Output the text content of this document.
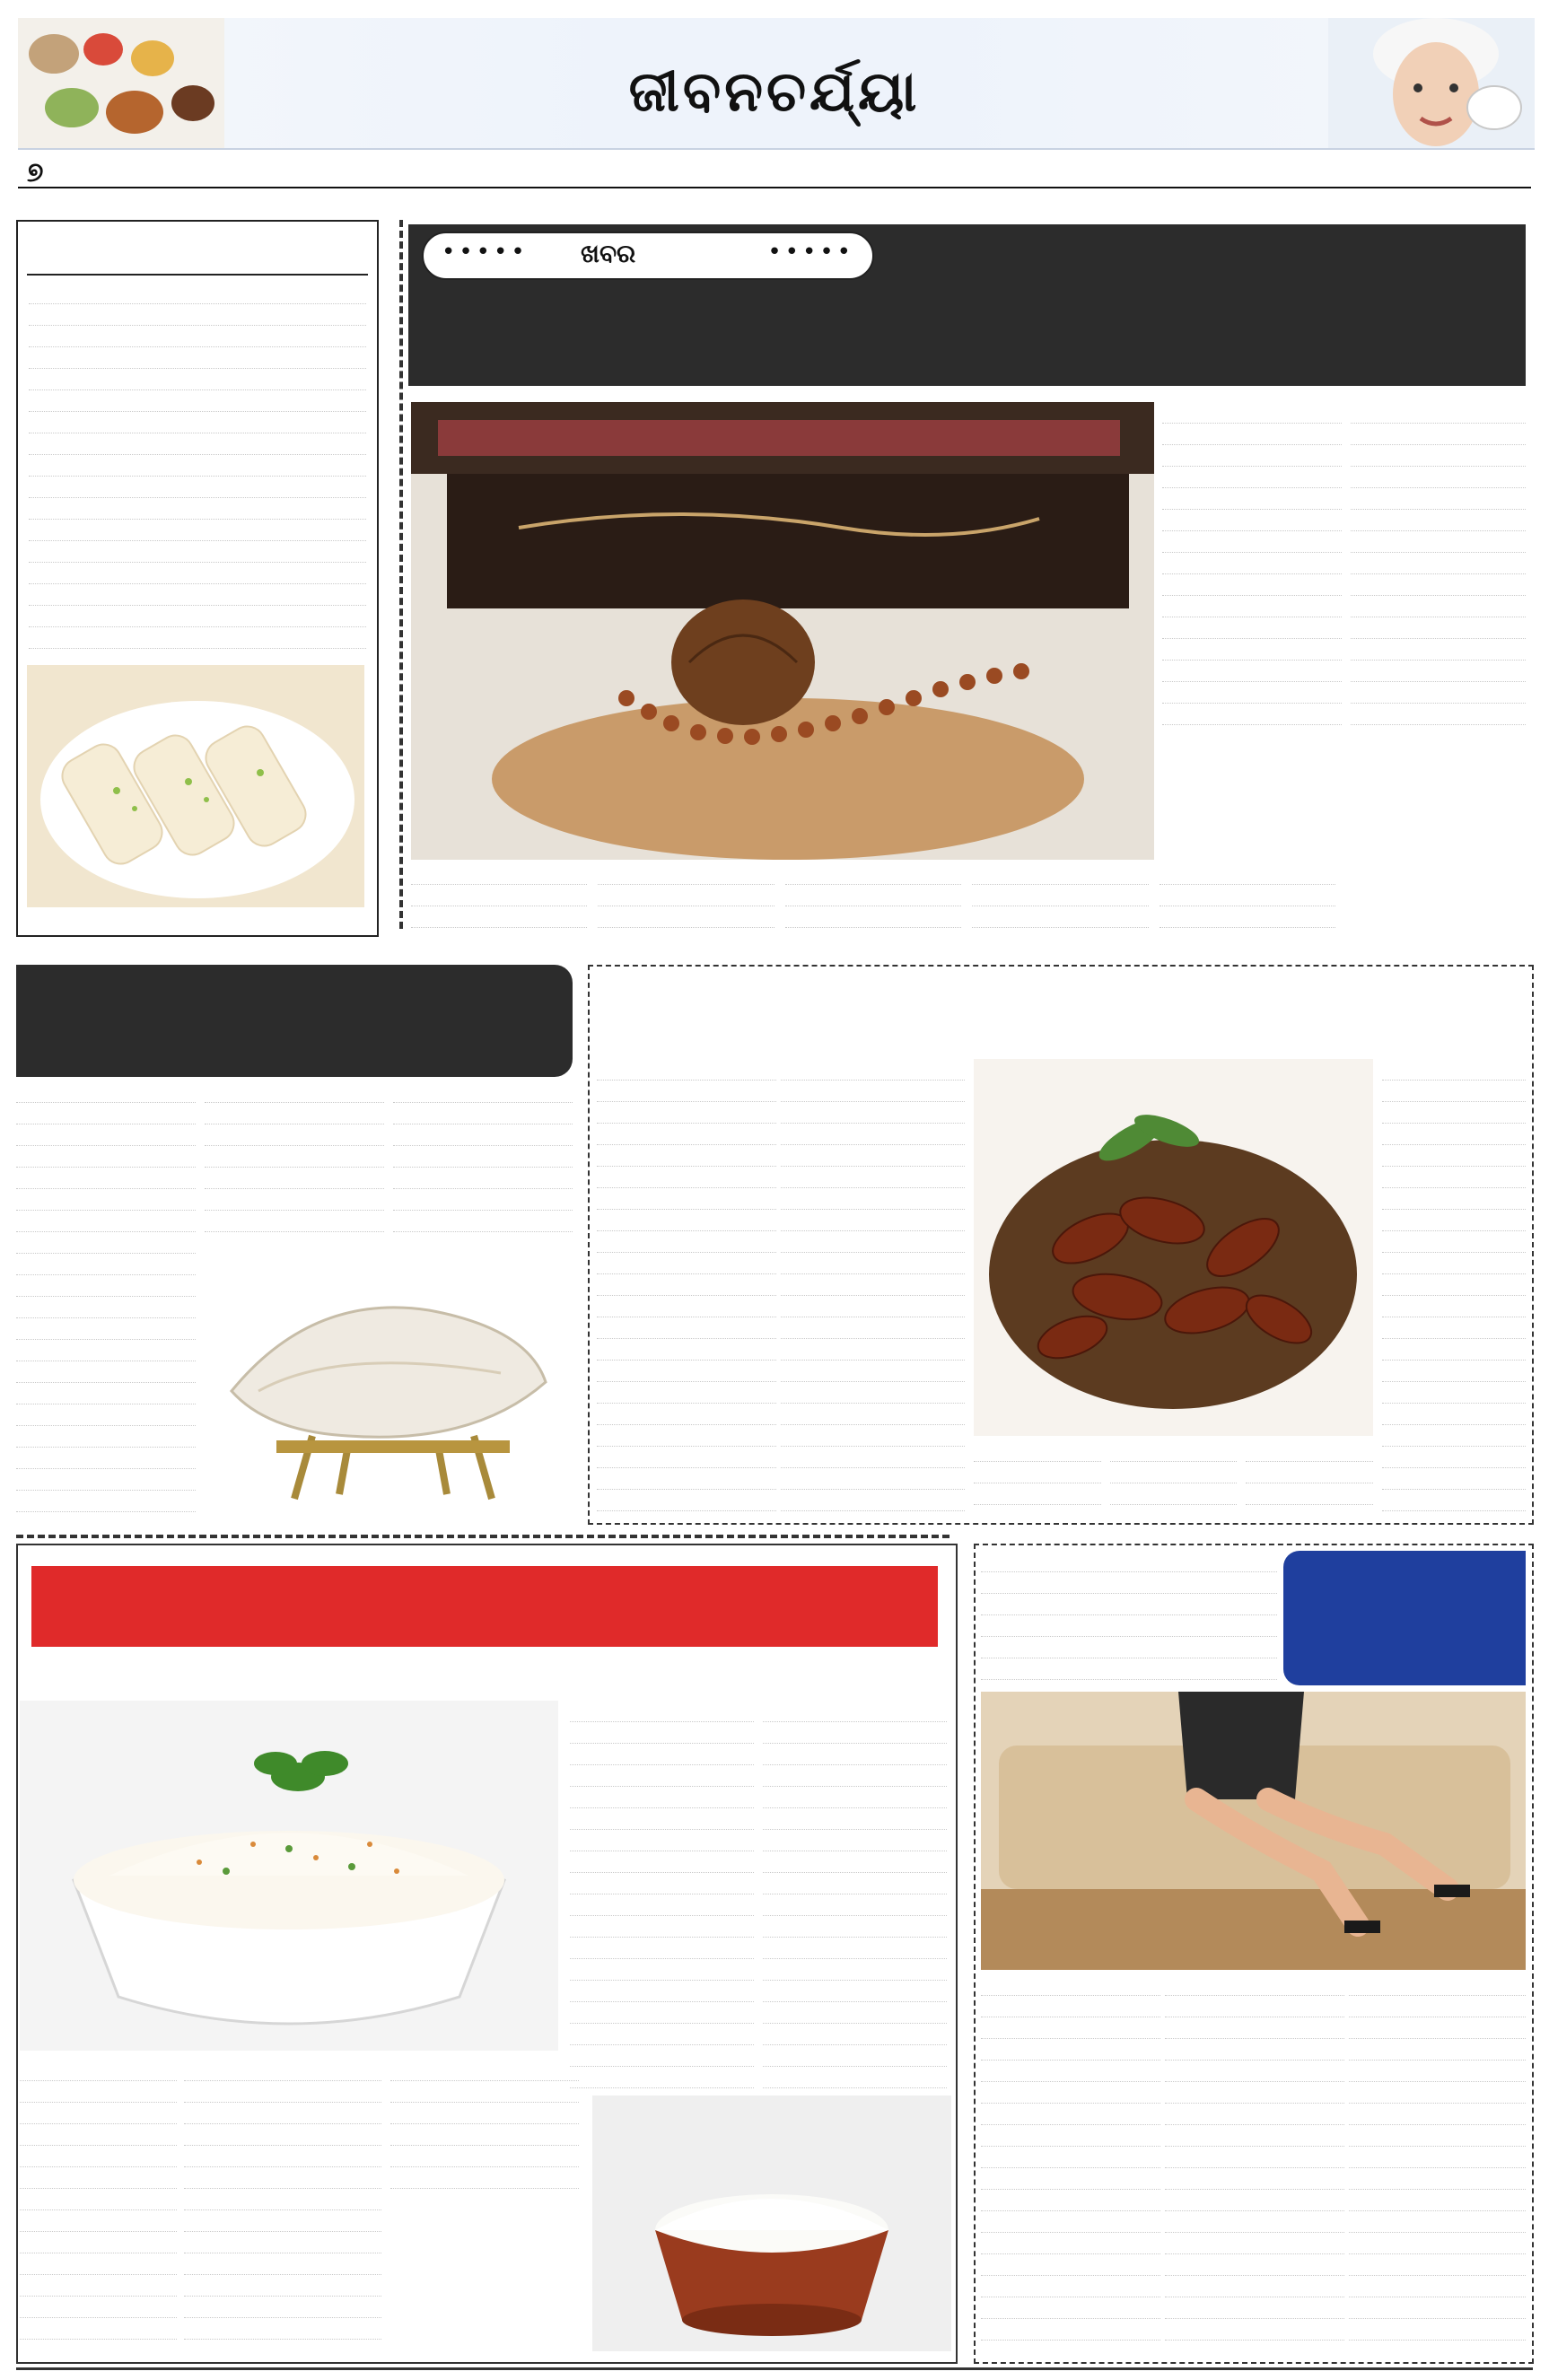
ଜୀବନଚର୍ଯ୍ୟା
୭
••••• ଖବର	•••••
